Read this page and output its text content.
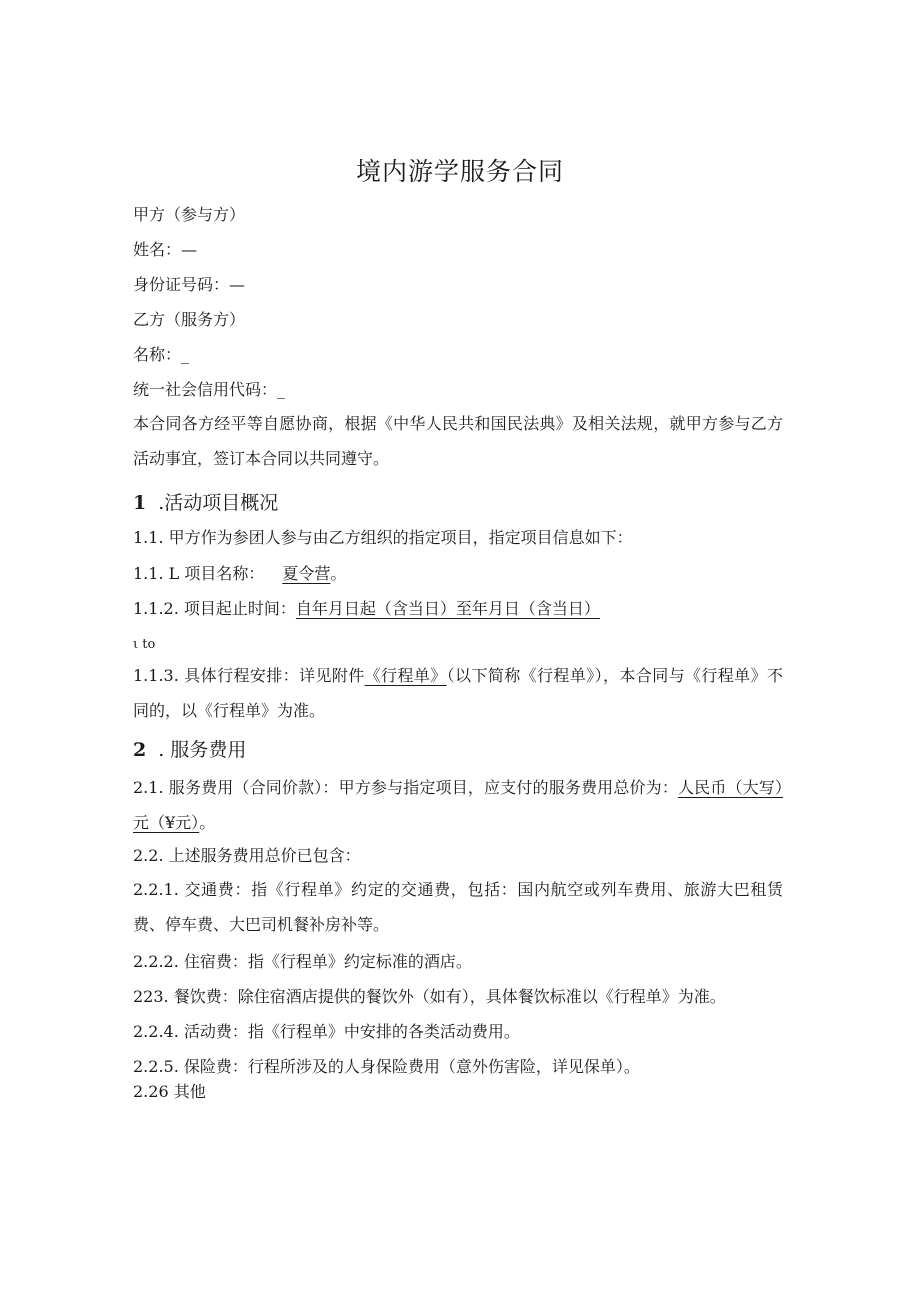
境内游学服务合同

甲方（参与方）

姓名：—

身份证号码：—

乙方（服务方）

名称：_

统一社会信用代码：_

本合同各方经平等自愿协商，根据《中华人民共和国民法典》及相关法规，就甲方参与乙方活动事宜，签订本合同以共同遵守。

1 .活动项目概况

1.1. 甲方作为参团人参与由乙方组织的指定项目，指定项目信息如下：

1.1. L 项目名称： 夏令营。

1.1.2. 项目起止时间：自年月日起（含当日）至年月日（含当日）

ι to

1.1.3. 具体行程安排：详见附件《行程单》（以下简称《行程单》），本合同与《行程单》不同的，以《行程单》为准。

2 . 服务费用

2.1. 服务费用（合同价款）：甲方参与指定项目，应支付的服务费用总价为：人民币（大写）元（¥元）。

2.2. 上述服务费用总价已包含：

2.2.1. 交通费：指《行程单》约定的交通费，包括：国内航空或列车费用、旅游大巴租赁费、停车费、大巴司机餐补房补等。

2.2.2. 住宿费：指《行程单》约定标准的酒店。

223. 餐饮费：除住宿酒店提供的餐饮外（如有），具体餐饮标准以《行程单》为准。

2.2.4. 活动费：指《行程单》中安排的各类活动费用。

2.2.5. 保险费：行程所涉及的人身保险费用（意外伤害险，详见保单）。

2.26 其他
